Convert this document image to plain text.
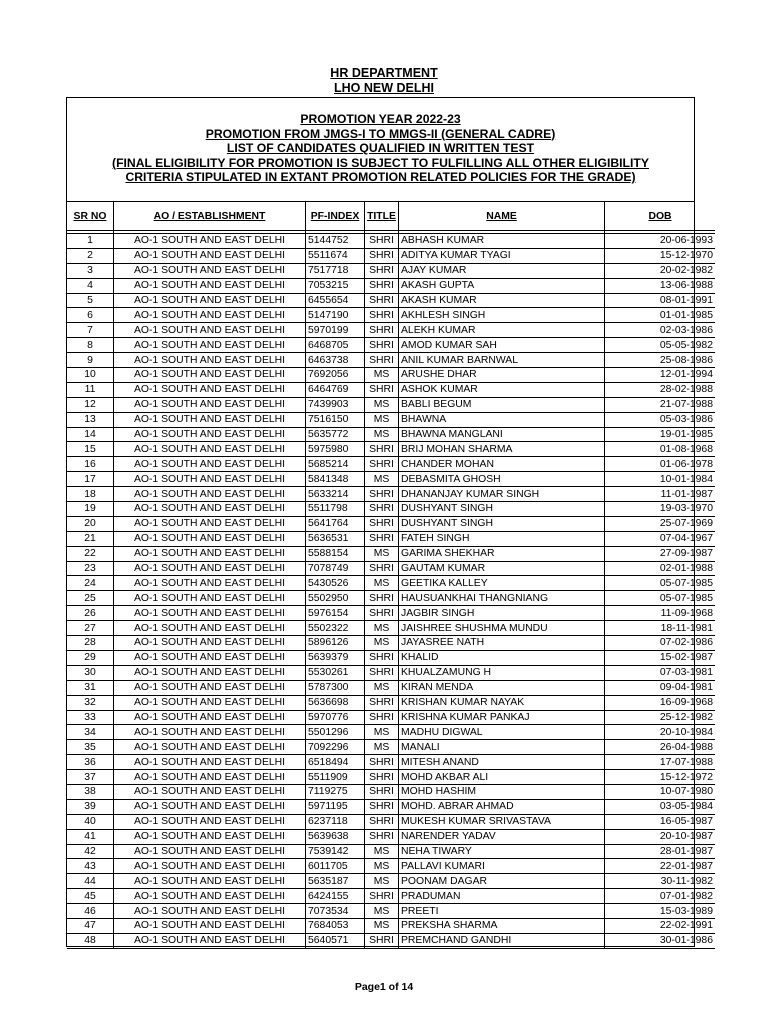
HR DEPARTMENT
LHO NEW DELHI
PROMOTION YEAR 2022-23
PROMOTION FROM JMGS-I TO MMGS-II (GENERAL CADRE)
LIST OF CANDIDATES QUALIFIED IN WRITTEN TEST
(FINAL ELIGIBILITY FOR PROMOTION IS SUBJECT TO FULFILLING ALL OTHER ELIGIBILITY
CRITERIA STIPULATED IN EXTANT PROMOTION RELATED POLICIES FOR THE GRADE)
SR NO	AO / ESTABLISHMENT	PF-INDEX	TITLE	NAME	DOB

1	AO-1 SOUTH AND EAST DELHI	5144752	SHRI	ABHASH KUMAR	20-06-1993
2	AO-1 SOUTH AND EAST DELHI	5511674	SHRI	ADITYA KUMAR TYAGI	15-12-1970
3	AO-1 SOUTH AND EAST DELHI	7517718	SHRI	AJAY KUMAR	20-02-1982
4	AO-1 SOUTH AND EAST DELHI	7053215	SHRI	AKASH GUPTA	13-06-1988
5	AO-1 SOUTH AND EAST DELHI	6455654	SHRI	AKASH KUMAR	08-01-1991
6	AO-1 SOUTH AND EAST DELHI	5147190	SHRI	AKHLESH SINGH	01-01-1985
7	AO-1 SOUTH AND EAST DELHI	5970199	SHRI	ALEKH KUMAR	02-03-1986
8	AO-1 SOUTH AND EAST DELHI	6468705	SHRI	AMOD KUMAR SAH	05-05-1982
9	AO-1 SOUTH AND EAST DELHI	6463738	SHRI	ANIL KUMAR BARNWAL	25-08-1986
10	AO-1 SOUTH AND EAST DELHI	7692056	MS	ARUSHE DHAR	12-01-1994
11	AO-1 SOUTH AND EAST DELHI	6464769	SHRI	ASHOK KUMAR	28-02-1988
12	AO-1 SOUTH AND EAST DELHI	7439903	MS	BABLI BEGUM	21-07-1988
13	AO-1 SOUTH AND EAST DELHI	7516150	MS	BHAWNA	05-03-1986
14	AO-1 SOUTH AND EAST DELHI	5635772	MS	BHAWNA MANGLANI	19-01-1985
15	AO-1 SOUTH AND EAST DELHI	5975980	SHRI	BRIJ MOHAN SHARMA	01-08-1968
16	AO-1 SOUTH AND EAST DELHI	5685214	SHRI	CHANDER MOHAN	01-06-1978
17	AO-1 SOUTH AND EAST DELHI	5841348	MS	DEBASMITA GHOSH	10-01-1984
18	AO-1 SOUTH AND EAST DELHI	5633214	SHRI	DHANANJAY KUMAR SINGH	11-01-1987
19	AO-1 SOUTH AND EAST DELHI	5511798	SHRI	DUSHYANT SINGH	19-03-1970
20	AO-1 SOUTH AND EAST DELHI	5641764	SHRI	DUSHYANT SINGH	25-07-1969
21	AO-1 SOUTH AND EAST DELHI	5636531	SHRI	FATEH SINGH	07-04-1967
22	AO-1 SOUTH AND EAST DELHI	5588154	MS	GARIMA SHEKHAR	27-09-1987
23	AO-1 SOUTH AND EAST DELHI	7078749	SHRI	GAUTAM KUMAR	02-01-1988
24	AO-1 SOUTH AND EAST DELHI	5430526	MS	GEETIKA KALLEY	05-07-1985
25	AO-1 SOUTH AND EAST DELHI	5502950	SHRI	HAUSUANKHAI THANGNIANG	05-07-1985
26	AO-1 SOUTH AND EAST DELHI	5976154	SHRI	JAGBIR SINGH	11-09-1968
27	AO-1 SOUTH AND EAST DELHI	5502322	MS	JAISHREE SHUSHMA MUNDU	18-11-1981
28	AO-1 SOUTH AND EAST DELHI	5896126	MS	JAYASREE NATH	07-02-1986
29	AO-1 SOUTH AND EAST DELHI	5639379	SHRI	KHALID	15-02-1987
30	AO-1 SOUTH AND EAST DELHI	5530261	SHRI	KHUALZAMUNG H	07-03-1981
31	AO-1 SOUTH AND EAST DELHI	5787300	MS	KIRAN MENDA	09-04-1981
32	AO-1 SOUTH AND EAST DELHI	5636698	SHRI	KRISHAN KUMAR NAYAK	16-09-1968
33	AO-1 SOUTH AND EAST DELHI	5970776	SHRI	KRISHNA KUMAR PANKAJ	25-12-1982
34	AO-1 SOUTH AND EAST DELHI	5501296	MS	MADHU DIGWAL	20-10-1984
35	AO-1 SOUTH AND EAST DELHI	7092296	MS	MANALI	26-04-1988
36	AO-1 SOUTH AND EAST DELHI	6518494	SHRI	MITESH ANAND	17-07-1988
37	AO-1 SOUTH AND EAST DELHI	5511909	SHRI	MOHD AKBAR ALI	15-12-1972
38	AO-1 SOUTH AND EAST DELHI	7119275	SHRI	MOHD HASHIM	10-07-1980
39	AO-1 SOUTH AND EAST DELHI	5971195	SHRI	MOHD. ABRAR AHMAD	03-05-1984
40	AO-1 SOUTH AND EAST DELHI	6237118	SHRI	MUKESH KUMAR SRIVASTAVA	16-05-1987
41	AO-1 SOUTH AND EAST DELHI	5639638	SHRI	NARENDER YADAV	20-10-1987
42	AO-1 SOUTH AND EAST DELHI	7539142	MS	NEHA TIWARY	28-01-1987
43	AO-1 SOUTH AND EAST DELHI	6011705	MS	PALLAVI KUMARI	22-01-1987
44	AO-1 SOUTH AND EAST DELHI	5635187	MS	POONAM DAGAR	30-11-1982
45	AO-1 SOUTH AND EAST DELHI	6424155	SHRI	PRADUMAN	07-01-1982
46	AO-1 SOUTH AND EAST DELHI	7073534	MS	PREETI	15-03-1989
47	AO-1 SOUTH AND EAST DELHI	7684053	MS	PREKSHA SHARMA	22-02-1991
48	AO-1 SOUTH AND EAST DELHI	5640571	SHRI	PREMCHAND GANDHI	30-01-1986
Page1 of 14
